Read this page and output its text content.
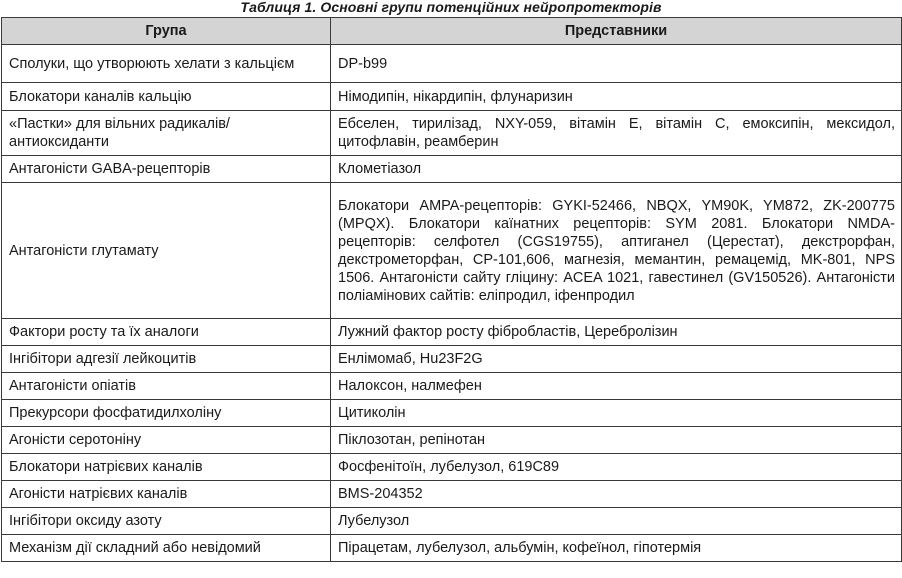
Таблиця 1. Основні групи потенційних нейропротекторів
Група	Представники
Сполуки, що утворюють хелати з кальцієм	DP-b99
Блокатори каналів кальцію	Німодипін, нікардипін, флунаризин
«Пастки» для вільних радикалів/антиоксиданти	Ебселен, тирилізад, NXY-059, вітамін Е, вітамін С, емоксипін, мексидол, цитофлавін, реамберин
Антагоністи GABA-рецепторів	Клометіазол
Антагоністи глутамату	Блокатори AMPA-рецепторів: GYKI-52466, NBQX, YM90K, YM872, ZK-200775 (MPQX). Блокатори каїнатних рецепторів: SYM 2081. Блокатори NMDA-рецепторів: селфотел (CGS19755), аптиганел (Церестат), декстрорфан, декстрометорфан, CP-101,606, магнезія, мемантин, ремацемід, MK-801, NPS 1506. Антагоністи сайту гліцину: ACEA 1021, гавестинел (GV150526). Антагоністи поліамінових сайтів: еліпродил, іфенпродил
Фактори росту та їх аналоги	Лужний фактор росту фібробластів, Церебролізин
Інгібітори адгезії лейкоцитів	Енлімомаб, Hu23F2G
Антагоністи опіатів	Налоксон, налмефен
Прекурсори фосфатидилхоліну	Цитиколін
Агоністи серотоніну	Піклозотан, репінотан
Блокатори натрієвих каналів	Фосфенітоїн, лубелузол, 619C89
Агоністи натрієвих каналів	BMS-204352
Інгібітори оксиду азоту	Лубелузол
Механізм дії складний або невідомий	Пірацетам, лубелузол, альбумін, кофеїнол, гіпотермія
